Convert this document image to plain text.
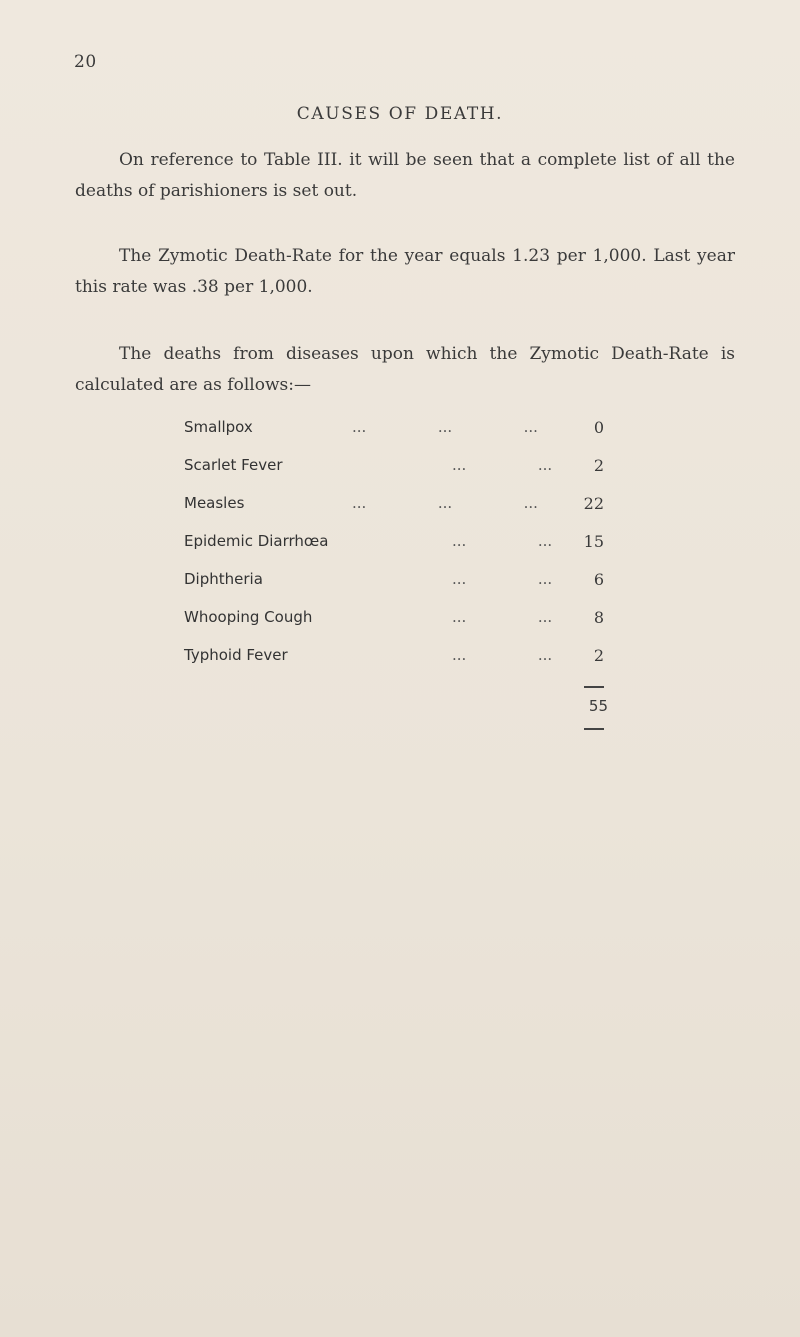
20
CAUSES OF DEATH.
On reference to Table III. it will be seen that a complete list of all the deaths of parishioners is set out.
The Zymotic Death-Rate for the year equals 1.23 per 1,000. Last year this rate was .38 per 1,000.
The deaths from diseases upon which the Zymotic Death-Rate is calculated are as follows:—
Smallpox	...               ...               ...	0
Scarlet Fever	...               ...	2
Measles	...               ...               ...	22
Epidemic Diarrhœa	...               ...	15
Diphtheria	...               ...	6
Whooping Cough	...               ...	8
Typhoid Fever	...               ...	2
55
